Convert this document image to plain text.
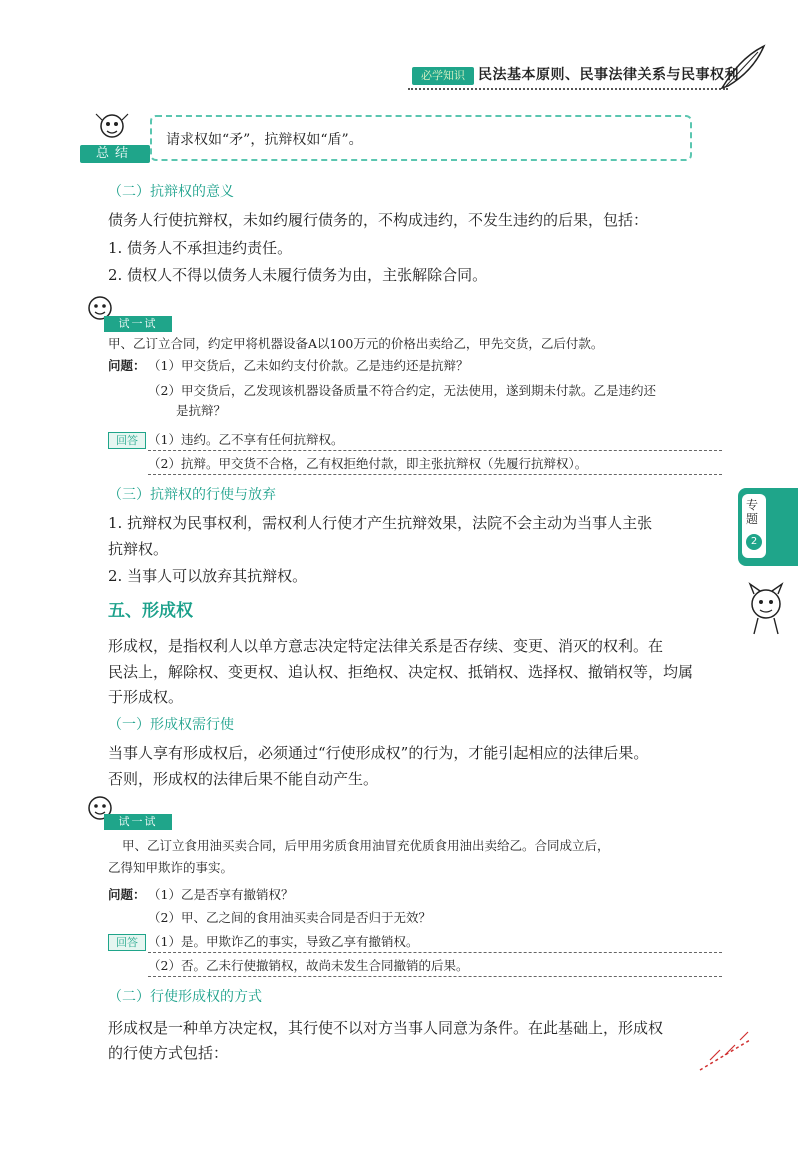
必学知识 民法基本原则、民事法律关系与民事权利
总结
请求权如“矛”，抗辩权如“盾”。
（二）抗辩权的意义
债务人行使抗辩权，未如约履行债务的，不构成违约，不发生违约的后果，包括：
1. 债务人不承担违约责任。
2. 债权人不得以债务人未履行债务为由，主张解除合同。
试一试
甲、乙订立合同，约定甲将机器设备A以100万元的价格出卖给乙，甲先交货，乙后付款。
问题： （1）甲交货后，乙未如约支付价款。乙是违约还是抗辩？
（2）甲交货后，乙发现该机器设备质量不符合约定，无法使用，遂到期未付款。乙是违约还
是抗辩？
回答 （1）违约。乙不享有任何抗辩权。
（2）抗辩。甲交货不合格，乙有权拒绝付款，即主张抗辩权（先履行抗辩权）。
（三）抗辩权的行使与放弃
1. 抗辩权为民事权利，需权利人行使才产生抗辩效果，法院不会主动为当事人主张
抗辩权。
2. 当事人可以放弃其抗辩权。
五、形成权
形成权，是指权利人以单方意志决定特定法律关系是否存续、变更、消灭的权利。在
民法上，解除权、变更权、追认权、拒绝权、决定权、抵销权、选择权、撤销权等，均属
于形成权。
（一）形成权需行使
当事人享有形成权后，必须通过“行使形成权”的行为，才能引起相应的法律后果。
否则，形成权的法律后果不能自动产生。
试一试
甲、乙订立食用油买卖合同，后甲用劣质食用油冒充优质食用油出卖给乙。合同成立后，
乙得知甲欺诈的事实。
问题： （1）乙是否享有撤销权？
（2）甲、乙之间的食用油买卖合同是否归于无效？
回答 （1）是。甲欺诈乙的事实，导致乙享有撤销权。
（2）否。乙未行使撤销权，故尚未发生合同撤销的后果。
（二）行使形成权的方式
形成权是一种单方决定权，其行使不以对方当事人同意为条件。在此基础上，形成权
的行使方式包括：
专题
2
